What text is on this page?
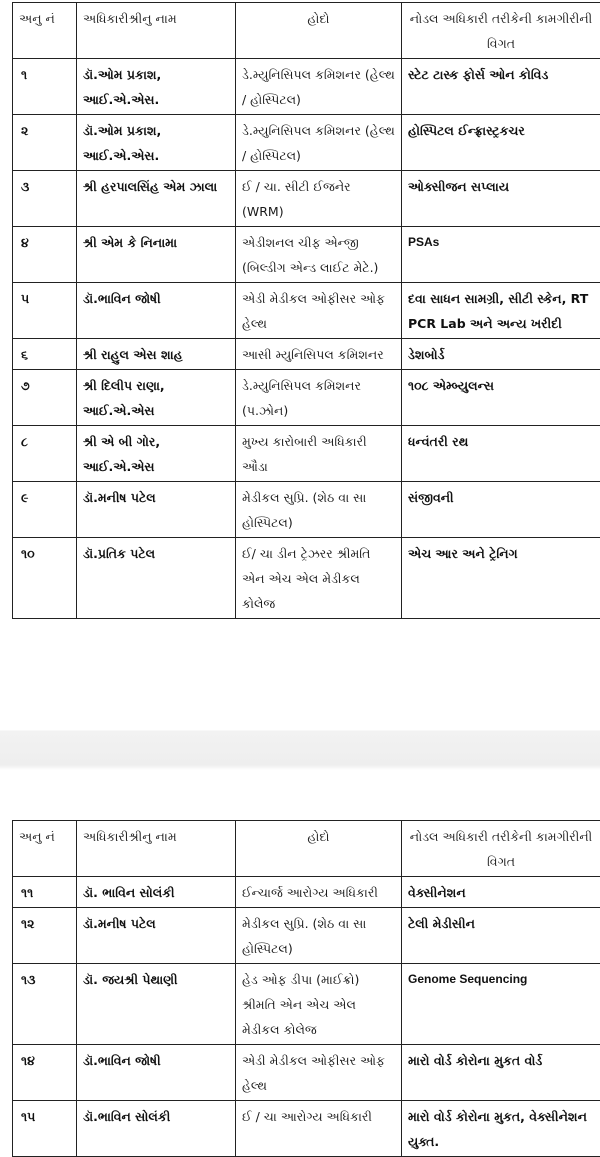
અનુ નં	અધિકારીશ્રીનુ નામ	હોદો	નોડલ અધિકારી તરીકેની કામગીરીની વિગત
૧	ડૉ.ઓમ પ્રકાશ, આઈ.એ.એસ.	ડે.મ્યુનિસિપલ કમિશનર (હેલ્થ / હોસ્પિટલ)	સ્ટેટ ટાસ્ક ફોર્સ ઓન કોવિડ
૨	ડૉ.ઓમ પ્રકાશ, આઈ.એ.એસ.	ડે.મ્યુનિસિપલ કમિશનર (હેલ્થ / હોસ્પિટલ)	હોસ્પિટલ ઈન્ફ્રાસ્ટ્રકચર
૩	શ્રી હરપાલસિંહ એમ ઝાલા	ઈ / ચા. સીટી ઈજનેર (WRM)	ઓક્સીજન સપ્લાય
૪	શ્રી એમ કે નિનામા	એડીશનલ ચીફ એન્જી (બિલ્ડીગ એન્ડ લાઈટ મેટે.)	PSAs
૫	ડૉ.ભાવિન જોષી	એડી મેડીકલ ઓફીસર ઓફ હેલ્થ	દવા સાધન સામગ્રી, સીટી સ્કેન, RT PCR Lab અને અન્ય ખરીદી
૬	શ્રી રાહુલ એસ શાહ	આસી મ્યુનિસિપલ કમિશનર	ડેશબોર્ડ
૭	શ્રી દિલીપ રાણા, આઈ.એ.એસ	ડે.મ્યુનિસિપલ કમિશનર (પ.ઝોન)	૧૦૮ એમ્બ્યુલન્સ
૮	શ્રી એ બી ગોર, આઈ.એ.એસ	મુખ્ય કારોબારી અધિકારી ઔડા	ધન્વંતરી રથ
૯	ડૉ.મનીષ પટેલ	મેડીકલ સુપ્રિ. (શેઠ વા સા હોસ્પિટલ)	સંજીવની
૧૦	ડૉ.પ્રતિક પટેલ	ઈ/ ચા ડીન ટ્રેઝરર શ્રીમતિ એન એચ એલ મેડીકલ કોલેજ	એચ આર અને ટ્રેનિગ
અનુ નં	અધિકારીશ્રીનુ નામ	હોદો	નોડલ અધિકારી તરીકેની કામગીરીની વિગત
૧૧	ડૉ. ભાવિન સોલંકી	ઈન્ચાર્જ આરોગ્ય અધિકારી	વેક્સીનેશન
૧૨	ડૉ.મનીષ પટેલ	મેડીકલ સુપ્રિ. (શેઠ વા સા હોસ્પિટલ)	ટેલી મેડીસીન
૧૩	ડૉ. જયશ્રી પેથાણી	હેડ ઓફ ડીપા (માઈક્રો) શ્રીમતિ એન એચ એલ મેડીકલ કોલેજ	Genome Sequencing
૧૪	ડૉ.ભાવિન જોષી	એડી મેડીકલ ઓફીસર ઓફ હેલ્થ	મારો વોર્ડ કોરોના મુકત વોર્ડ
૧૫	ડૉ.ભાવિન સોલંકી	ઈ / ચા આરોગ્ય અધિકારી	મારો વોર્ડ કોરોના મુકત, વેક્સીનેશન યુક્ત.
